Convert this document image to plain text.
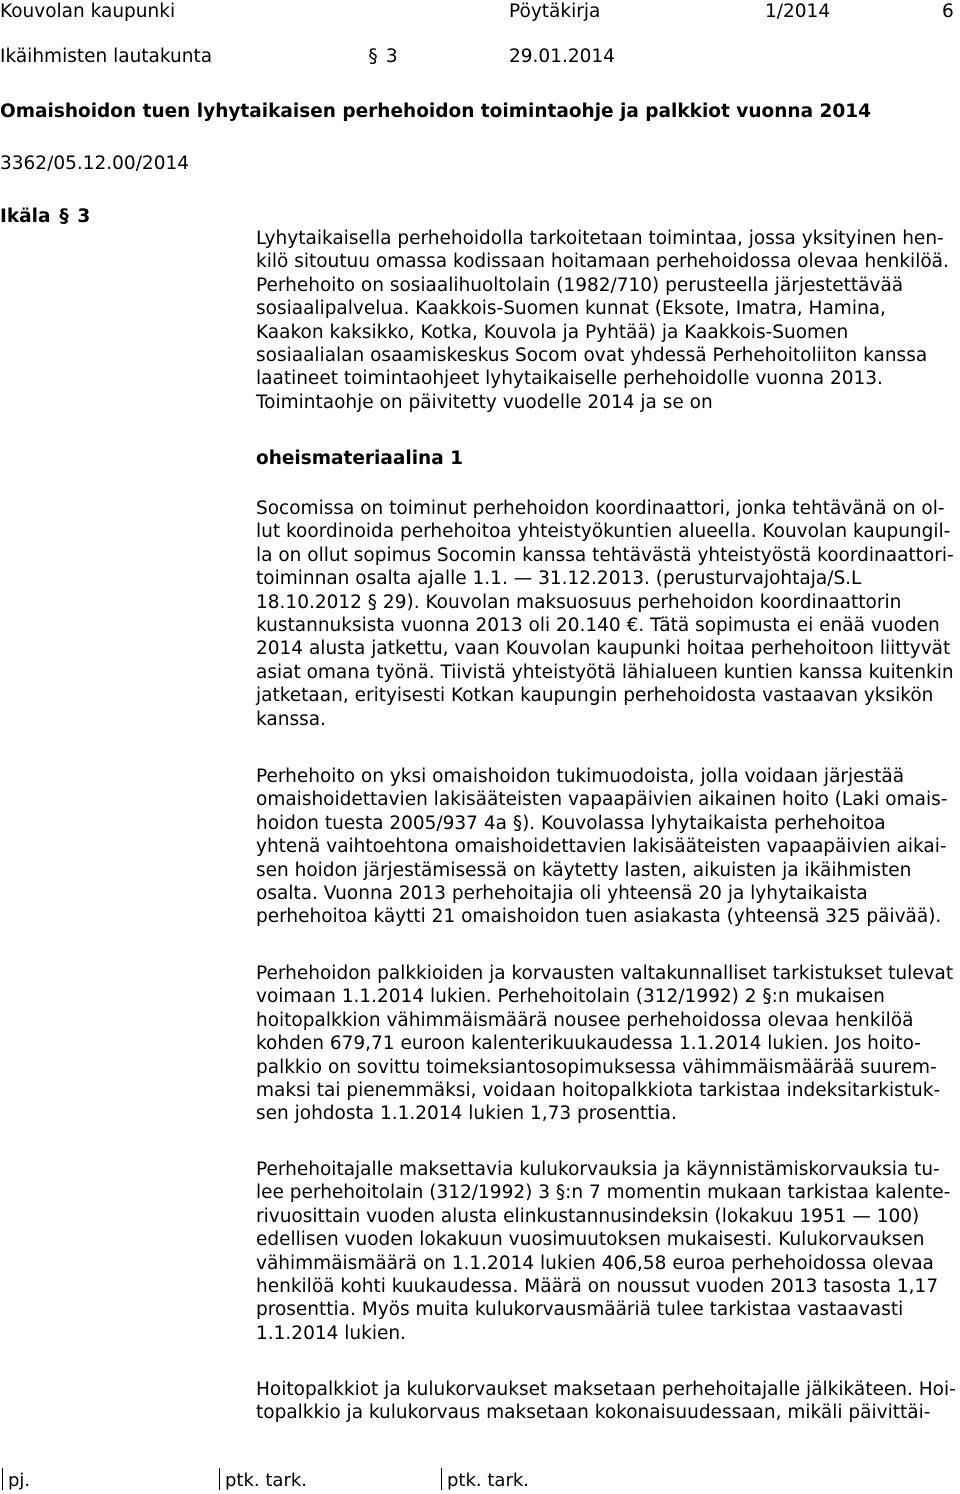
Kouvolan kaupunki	Pöytäkirja	1/2014	6
Ikäihmisten lautakunta	§ 3	29.01.2014
Omaishoidon tuen lyhytaikaisen perhehoidon toimintaohje ja palkkiot vuonna 2014
3362/05.12.00/2014
Ikäla § 3
Lyhytaikaisella perhehoidolla tarkoitetaan toimintaa, jossa yksityinen hen-
kilö sitoutuu omassa kodissaan hoitamaan perhehoidossa olevaa henkilöä.
Perhehoito on sosiaalihuoltolain (1982/710) perusteella järjestettävää
sosiaalipalvelua. Kaakkois-Suomen kunnat (Eksote, Imatra, Hamina,
Kaakon kaksikko, Kotka, Kouvola ja Pyhtää) ja Kaakkois-Suomen
sosiaalialan osaamiskeskus Socom ovat yhdessä Perhehoitoliiton kanssa
laatineet toimintaohjeet lyhytaikaiselle perhehoidolle vuonna 2013.
Toimintaohje on päivitetty vuodelle 2014 ja se on
oheismateriaalina 1
Socomissa on toiminut perhehoidon koordinaattori, jonka tehtävänä on ol-
lut koordinoida perhehoitoa yhteistyökuntien alueella. Kouvolan kaupungil-
la on ollut sopimus Socomin kanssa tehtävästä yhteistyöstä koordinaattori-
toiminnan osalta ajalle 1.1. — 31.12.2013. (perusturvajohtaja/S.L
18.10.2012 § 29). Kouvolan maksuosuus perhehoidon koordinaattorin
kustannuksista vuonna 2013 oli 20.140 €. Tätä sopimusta ei enää vuoden
2014 alusta jatkettu, vaan Kouvolan kaupunki hoitaa perhehoitoon liittyvät
asiat omana työnä. Tiivistä yhteistyötä lähialueen kuntien kanssa kuitenkin
jatketaan, erityisesti Kotkan kaupungin perhehoidosta vastaavan yksikön
kanssa.
Perhehoito on yksi omaishoidon tukimuodoista, jolla voidaan järjestää
omaishoidettavien lakisääteisten vapaapäivien aikainen hoito (Laki omais-
hoidon tuesta 2005/937 4a §). Kouvolassa lyhytaikaista perhehoitoa
yhtenä vaihtoehtona omaishoidettavien lakisääteisten vapaapäivien aikai-
sen hoidon järjestämisessä on käytetty lasten, aikuisten ja ikäihmisten
osalta. Vuonna 2013 perhehoitajia oli yhteensä 20 ja lyhytaikaista
perhehoitoa käytti 21 omaishoidon tuen asiakasta (yhteensä 325 päivää).
Perhehoidon palkkioiden ja korvausten valtakunnalliset tarkistukset tulevat
voimaan 1.1.2014 lukien. Perhehoitolain (312/1992) 2 §:n mukaisen
hoitopalkkion vähimmäismäärä nousee perhehoidossa olevaa henkilöä
kohden 679,71 euroon kalenterikuukaudessa 1.1.2014 lukien. Jos hoito-
palkkio on sovittu toimeksiantosopimuksessa vähimmäismäärää suurem-
maksi tai pienemmäksi, voidaan hoitopalkkiota tarkistaa indeksitarkistuk-
sen johdosta 1.1.2014 lukien 1,73 prosenttia.
Perhehoitajalle maksettavia kulukorvauksia ja käynnistämiskorvauksia tu-
lee perhehoitolain (312/1992) 3 §:n 7 momentin mukaan tarkistaa kalente-
rivuosittain vuoden alusta elinkustannusindeksin (lokakuu 1951 — 100)
edellisen vuoden lokakuun vuosimuutoksen mukaisesti. Kulukorvauksen
vähimmäismäärä on 1.1.2014 lukien 406,58 euroa perhehoidossa olevaa
henkilöä kohti kuukaudessa. Määrä on noussut vuoden 2013 tasosta 1,17
prosenttia. Myös muita kulukorvausmääriä tulee tarkistaa vastaavasti
1.1.2014 lukien.
Hoitopalkkiot ja kulukorvaukset maksetaan perhehoitajalle jälkikäteen. Hoi-
topalkkio ja kulukorvaus maksetaan kokonaisuudessaan, mikäli päivittäi-
pj.	ptk. tark.	ptk. tark.
